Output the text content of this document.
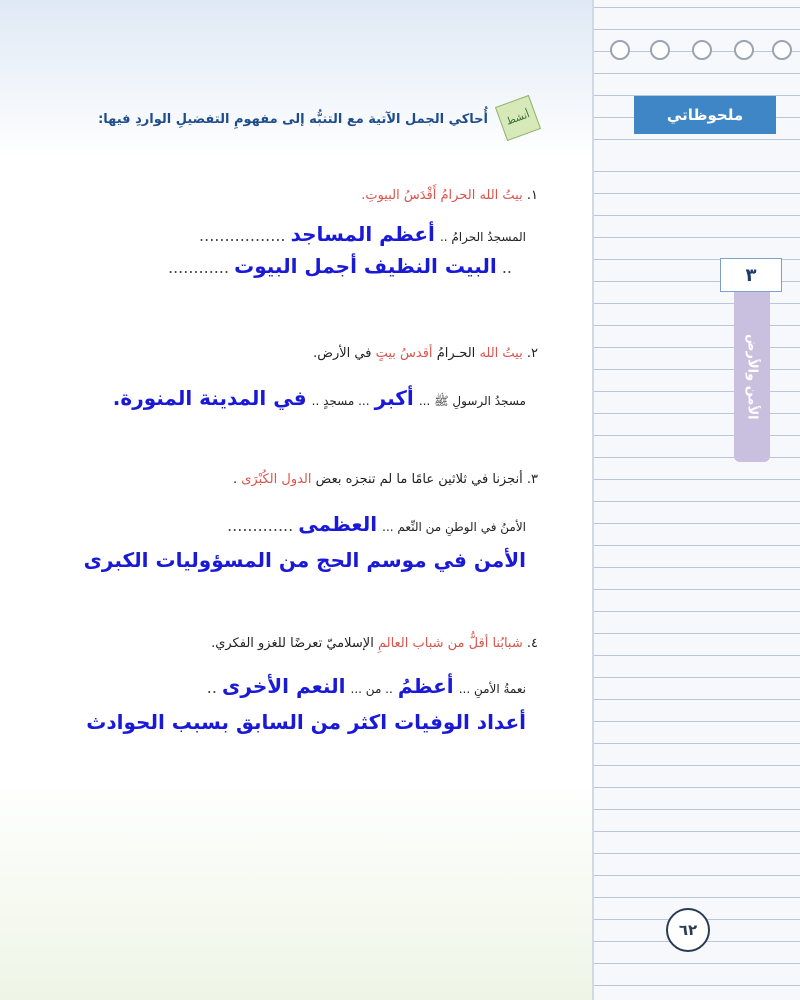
ملحوظاتي
٣
الأمن والأرض
٦٢
أنشط
أُحاكي الجمل الآتية مع التنبُّه إلى مفهومِ التفضيلِ الواردِ فيها:
١. بيتُ الله الحرامُ أَقْدَسُ البيوتِ.
المسجدُ الحرامُ .. أعظم المساجد .................
.. البيت النظيف أجمل البيوت ............
٢. بيتُ الله الحـرامُ أقدسُ بيتٍ في الأرض.
مسجدُ الرسولِ ﷺ ... أكبر ... مسجدٍ .. في المدينة المنورة.
٣. أنجزنا في ثلاثين عامًا ما لم تنجزه بعض الدول الكُبْرَى .
الأمنُ في الوطنِ من النِّعم ... العظمى .............
الأمن في موسم الحج من المسؤوليات الكبرى
٤. شبابُنا أقلُّ من شباب العالمِ الإسلاميّ تعرضًا للغزو الفكري.
نعمةُ الأمنِ ... أعظمُ .. من ... النعم الأخرى ..
أعداد الوفيات اكثر من السابق بسبب الحوادث
